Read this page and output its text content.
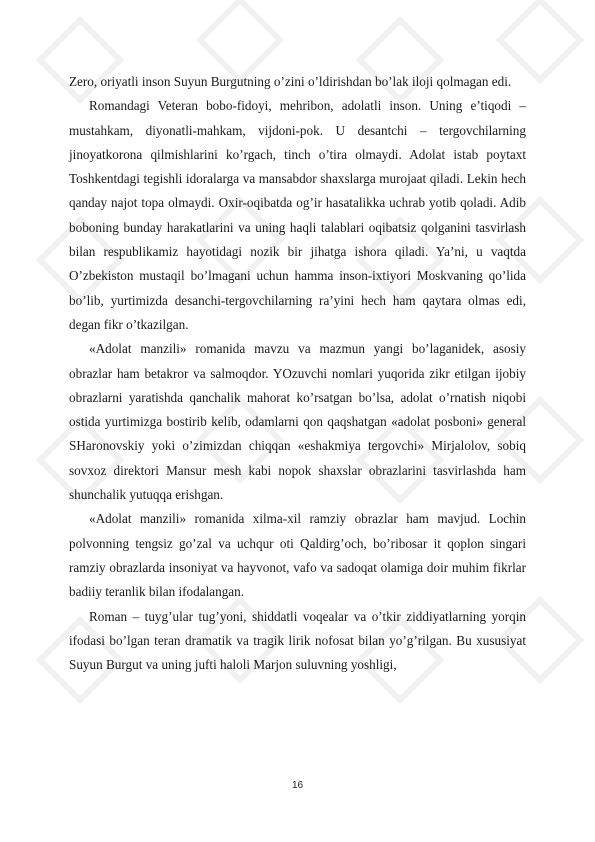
Zero, oriyatli inson Suyun Burgutning o’zini o’ldirishdan bo’lak iloji qolmagan edi.

Romandagi Veteran bobo-fidoyi, mehribon, adolatli inson. Uning e’tiqodi – mustahkam, diyonatli-mahkam, vijdoni-pok. U desantchi – tergovchilarning jinoyatkorona qilmishlarini ko’rgach, tinch o’tira olmaydi. Adolat istab poytaxt Toshkentdagi tegishli idoralarga va mansabdor shaxslarga murojaat qiladi. Lekin hech qanday najot topa olmaydi. Oxir-oqibatda og’ir hasatalikka uchrab yotib qoladi. Adib boboning bunday harakatlarini va uning haqli talablari oqibatsiz qolganini tasvirlash bilan respublikamiz hayotidagi nozik bir jihatga ishora qiladi. Ya’ni, u vaqtda O’zbekiston mustaqil bo’lmagani uchun hamma inson-ixtiyori Moskvaning qo’lida bo’lib, yurtimizda desanchi-tergovchilarning ra’yini hech ham qaytara olmas edi, degan fikr o’tkazilgan.

«Adolat manzili» romanida mavzu va mazmun yangi bo’laganidek, asosiy obrazlar ham betakror va salmoqdor. YOzuvchi nomlari yuqorida zikr etilgan ijobiy obrazlarni yaratishda qanchalik mahorat ko’rsatgan bo’lsa, adolat o’rnatish niqobi ostida yurtimizga bostirib kelib, odamlarni qon qaqshatgan «adolat posboni» general SHaronovskiy yoki o’zimizdan chiqqan «eshakmiya tergovchi» Mirjalolov, sobiq sovxoz direktori Mansur mesh kabi nopok shaxslar obrazlarini tasvirlashda ham shunchalik yutuqqa erishgan.

«Adolat manzili» romanida xilma-xil ramziy obrazlar ham mavjud. Lochin polvonning tengsiz go’zal va uchqur oti Qaldirg’och, bo’ribosar it qoplon singari ramziy obrazlarda insoniyat va hayvonot, vafo va sadoqat olamiga doir muhim fikrlar badiiy teranlik bilan ifodalangan.

Roman – tuyg’ular tug’yoni, shiddatli voqealar va o’tkir ziddiyatlarning yorqin ifodasi bo’lgan teran dramatik va tragik lirik nofosat bilan yo’g’rilgan. Bu xususiyat Suyun Burgut va uning jufti haloli Marjon suluvning yoshligi,

16
